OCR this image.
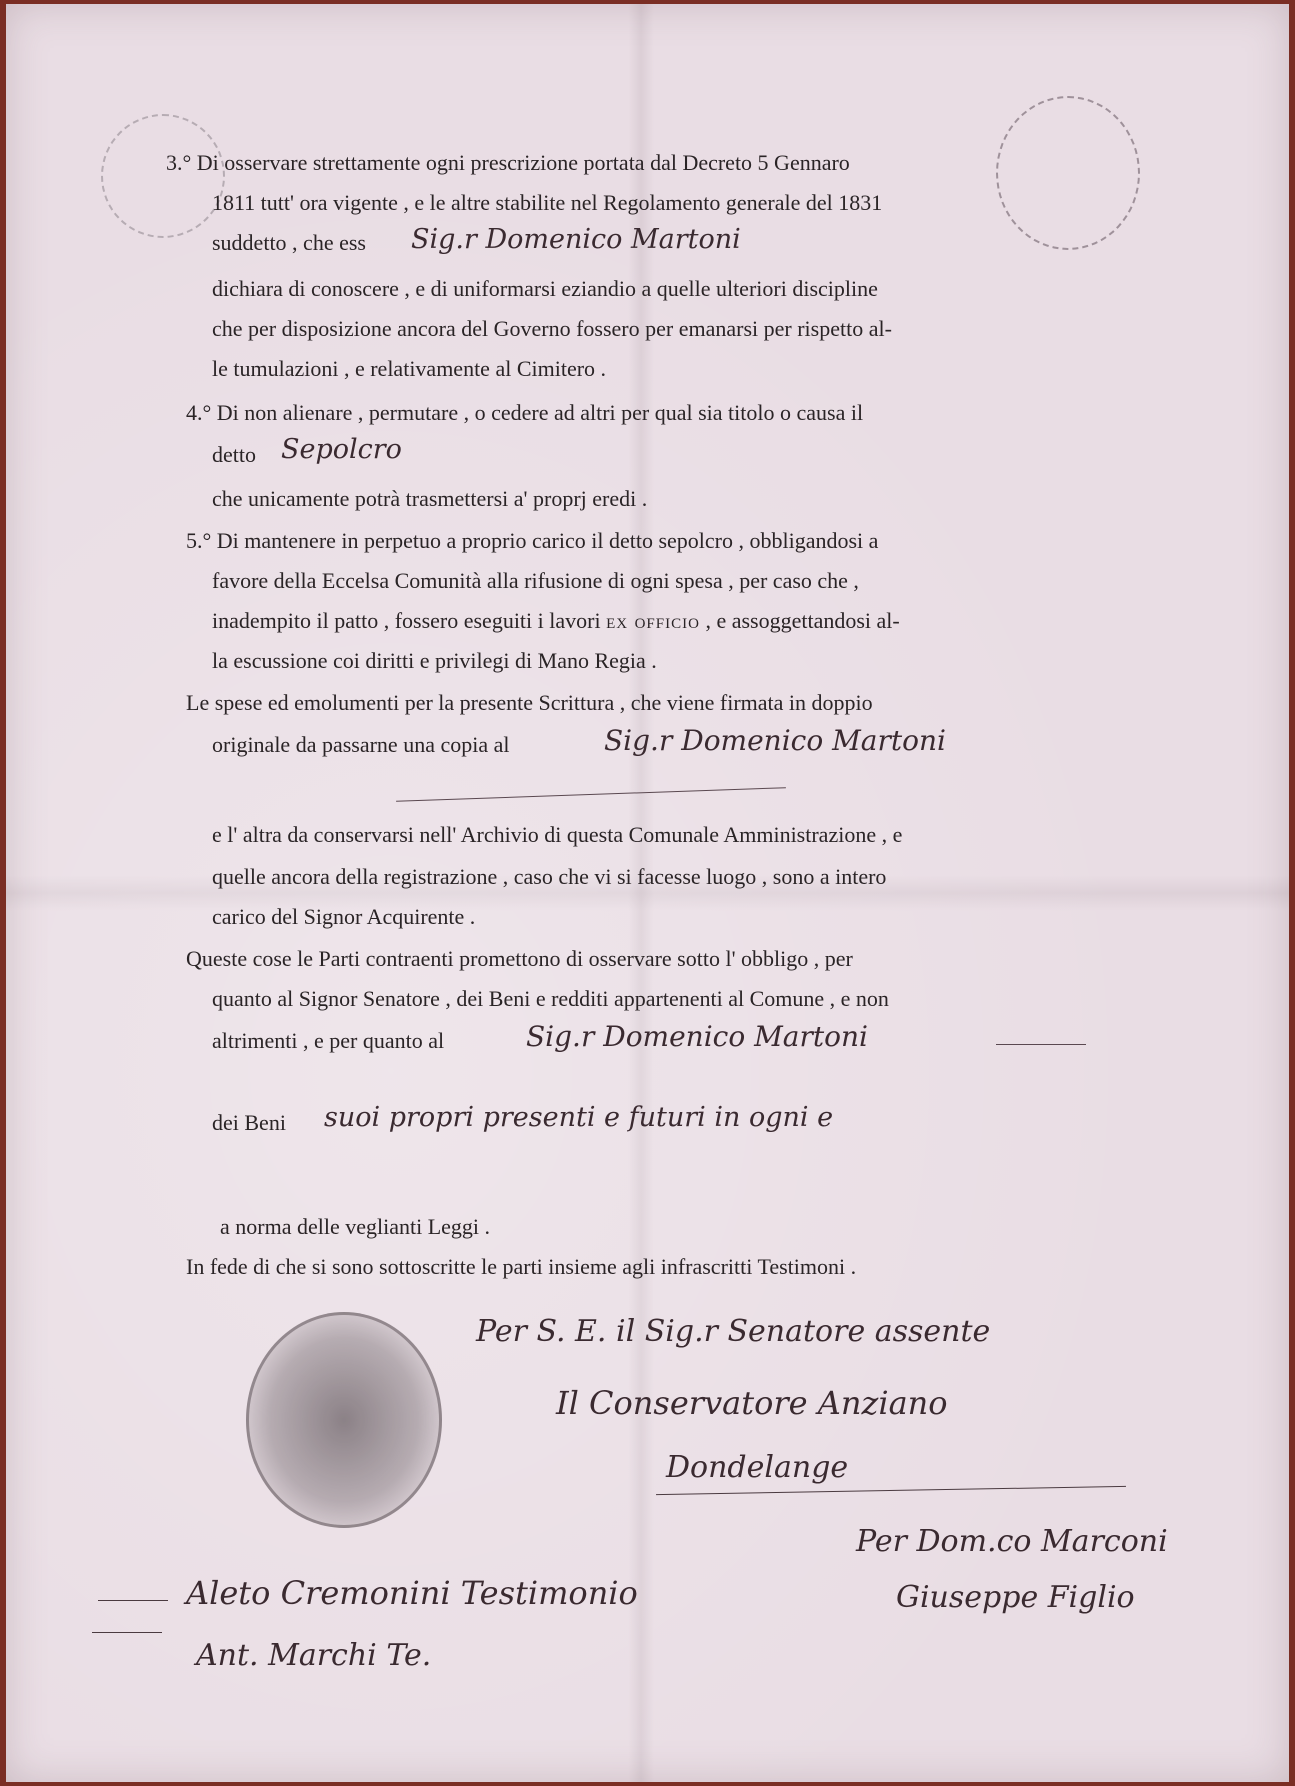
3.° Di osservare strettamente ogni prescrizione portata dal Decreto 5 Gennaro
1811 tutt' ora vigente , e le altre stabilite nel Regolamento generale del 1831
suddetto , che ess Sig.r Domenico Martoni
dichiara di conoscere , e di uniformarsi eziandio a quelle ulteriori discipline
che per disposizione ancora del Governo fossero per emanarsi per rispetto al-
le tumulazioni , e relativamente al Cimitero .
4.° Di non alienare , permutare , o cedere ad altri per qual sia titolo o causa il
detto Sepolcro
che unicamente potrà trasmettersi a' proprj eredi .
5.° Di mantenere in perpetuo a proprio carico il detto sepolcro , obbligandosi a
favore della Eccelsa Comunità alla rifusione di ogni spesa , per caso che ,
inadempito il patto , fossero eseguiti i lavori ex officio , e assoggettandosi al-
la escussione coi diritti e privilegi di Mano Regia .
Le spese ed emolumenti per la presente Scrittura , che viene firmata in doppio
originale da passarne una copia al	Sig.r Domenico Martoni
e l' altra da conservarsi nell' Archivio di questa Comunale Amministrazione , e
quelle ancora della registrazione , caso che vi si facesse luogo , sono a intero
carico del Signor Acquirente .
Queste cose le Parti contraenti promettono di osservare sotto l' obbligo , per
quanto al Signor Senatore , dei Beni e redditi appartenenti al Comune , e non
altrimenti , e per quanto al	Sig.r Domenico Martoni
dei Beni suoi propri presenti e futuri in ogni e
a norma delle veglianti Leggi .
In fede di che si sono sottoscritte le parti insieme agli infrascritti Testimoni .
Per S. E. il Sig.r Senatore assente
Il Conservatore Anziano
Dondelange
Per Dom.co Marconi
Aleto Cremonini Testimonio	Giuseppe Figlio
Ant. Marchi Te.
